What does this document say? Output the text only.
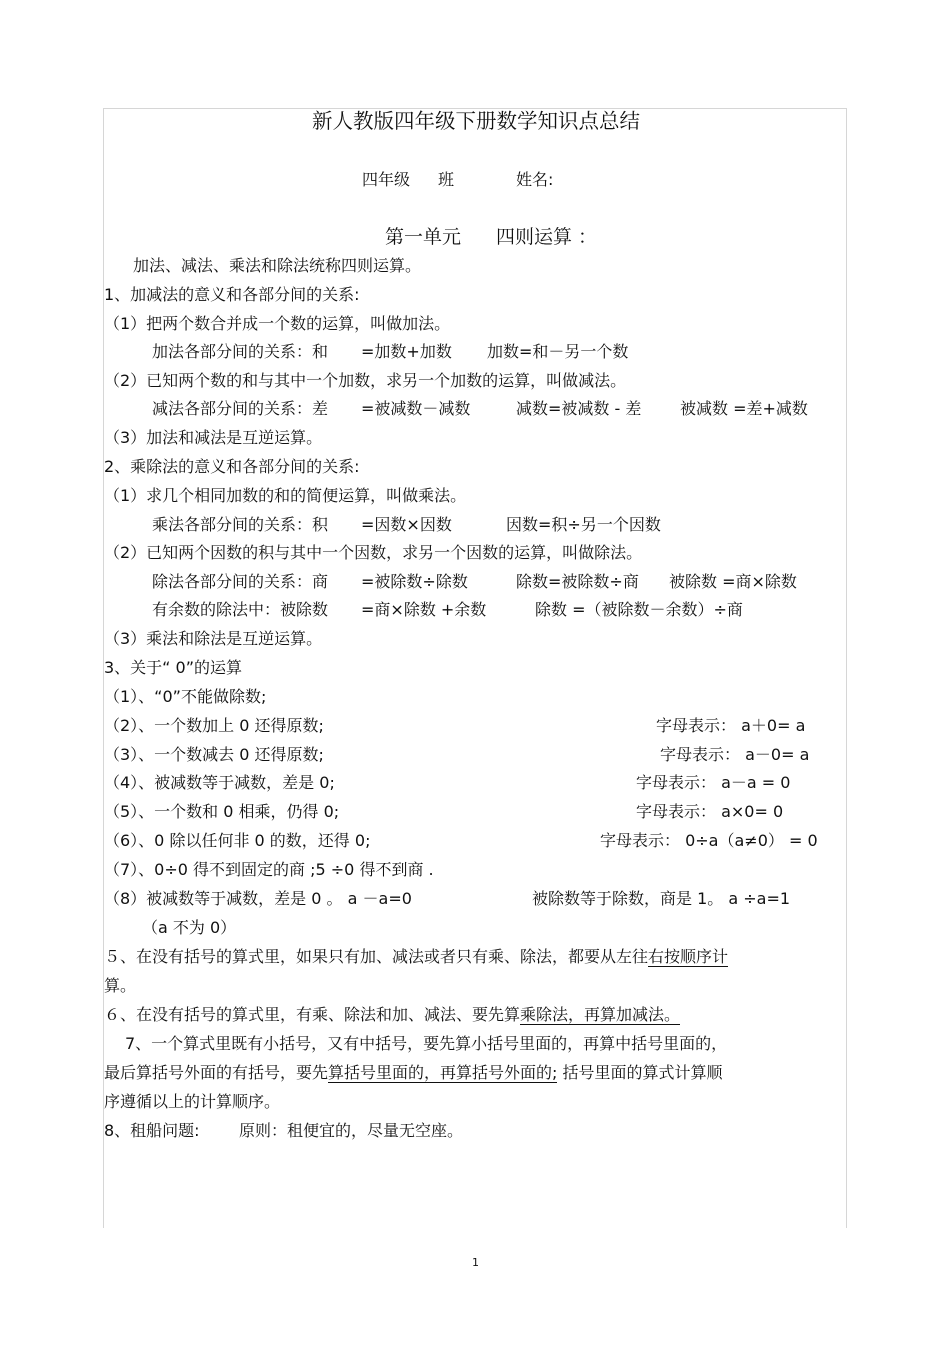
新人教版四年级下册数学知识点总结
四年级 班	姓名:
第一单元 四则运算 ：
加法、减法、乘法和除法统称四则运算。
1、加减法的意义和各部分间的关系:
（1）把两个数合并成一个数的运算，叫做加法。
加法各部分间的关系：和 =加数+加数 加数=和－另一个数
（2）已知两个数的和与其中一个加数，求另一个加数的运算，叫做减法。
减法各部分间的关系：差 =被减数－减数	减数=被减数 - 差 被减数 =差+减数
（3）加法和减法是互逆运算。
2、乘除法的意义和各部分间的关系:
（1）求几个相同加数的和的简便运算，叫做乘法。
乘法各部分间的关系：积 =因数×因数	因数=积÷另一个因数
（2）已知两个因数的积与其中一个因数，求另一个因数的运算，叫做除法。
除法各部分间的关系：商 =被除数÷除数	除数=被除数÷商 被除数 =商×除数
有余数的除法中：被除数 =商×除数 +余数	除数 =（被除数－余数）÷商
（3）乘法和除法是互逆运算。
3、关于“ 0”的运算
（1）、“0”不能做除数;
（2）、一个数加上 0 还得原数;	字母表示： a＋0= a
（3）、一个数减去 0 还得原数;	字母表示： a－0= a
（4）、被减数等于减数，差是 0;	字母表示： a－a = 0
（5）、一个数和 0 相乘，仍得 0;	字母表示： a×0= 0
（6）、0 除以任何非 0 的数，还得 0;	字母表示： 0÷a（a≠0） = 0
（7）、0÷0 得不到固定的商 ;5 ÷0 得不到商 .
（8）被减数等于减数，差是 0 。 a －a=0	被除数等于除数，商是 1。 a ÷a=1
（a 不为 0）
５、在没有括号的算式里，如果只有加、减法或者只有乘、除法，都要从左往右按顺序计
算。
６、在没有括号的算式里，有乘、除法和加、减法、要先算乘除法，再算加减法。
7、一个算式里既有小括号，又有中括号，要先算小括号里面的，再算中括号里面的，
最后算括号外面的有括号，要先算括号里面的，再算括号外面的; 括号里面的算式计算顺
序遵循以上的计算顺序。
8、租船问题: 原则：租便宜的，尽量无空座。
1
